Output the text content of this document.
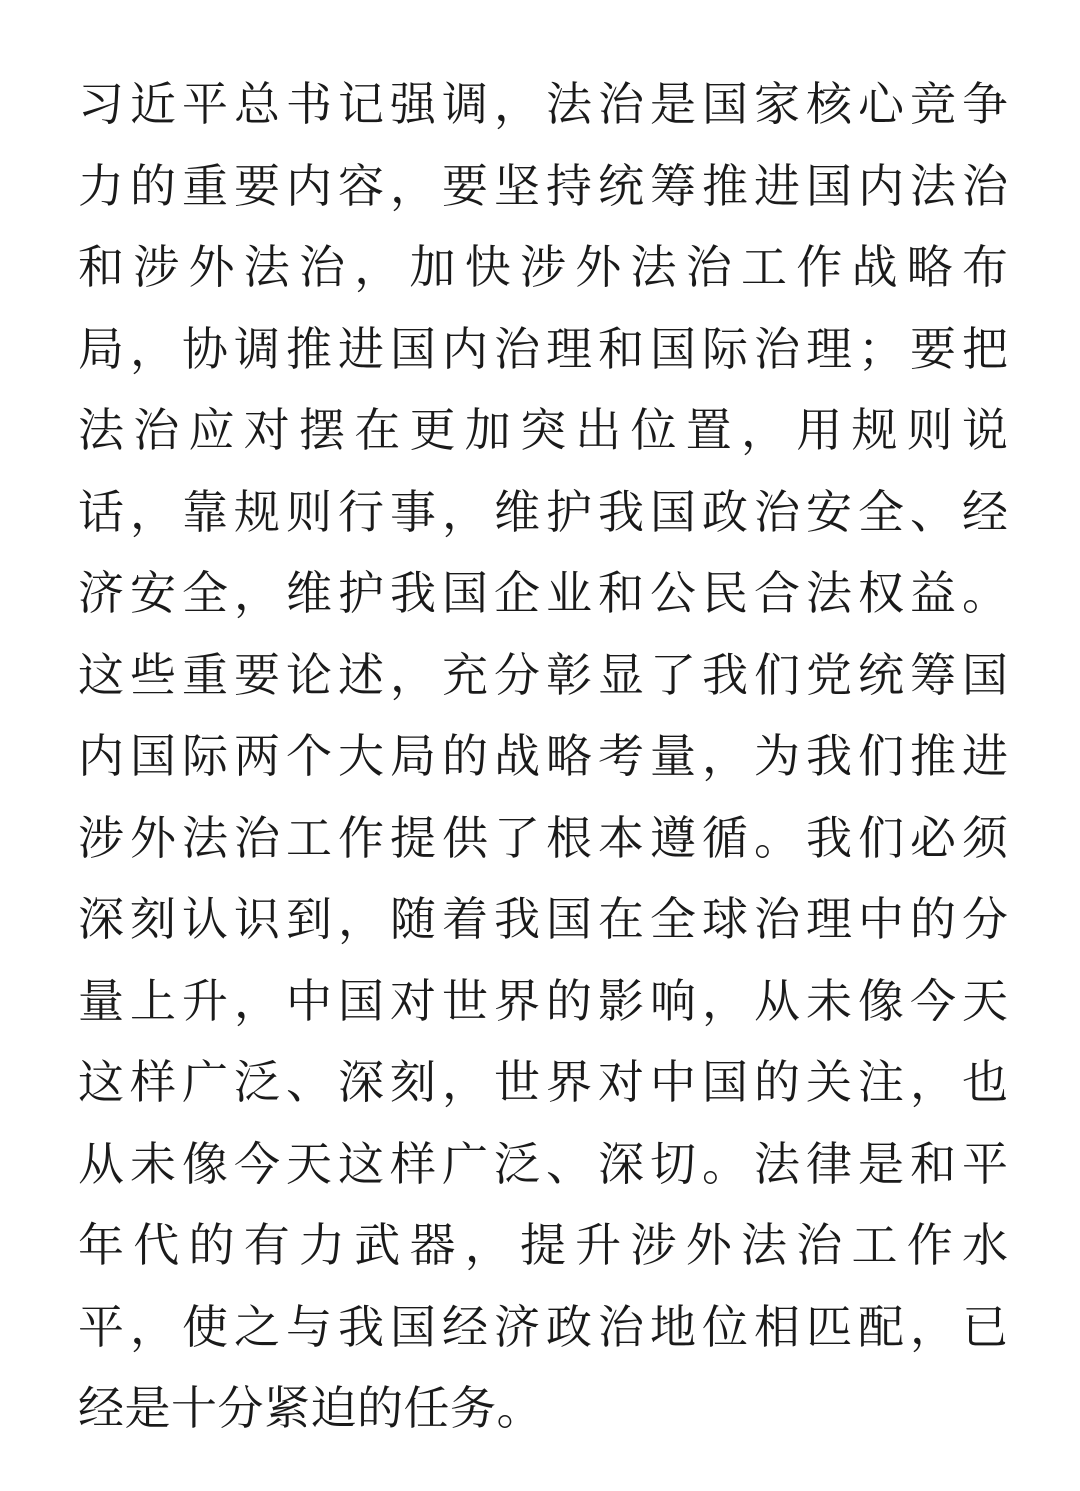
习近平总书记强调，法治是国家核心竞争
力的重要内容，要坚持统筹推进国内法治
和涉外法治，加快涉外法治工作战略布
局，协调推进国内治理和国际治理；要把
法治应对摆在更加突出位置，用规则说
话，靠规则行事，维护我国政治安全、经
济安全，维护我国企业和公民合法权益。
这些重要论述，充分彰显了我们党统筹国
内国际两个大局的战略考量，为我们推进
涉外法治工作提供了根本遵循。我们必须
深刻认识到，随着我国在全球治理中的分
量上升，中国对世界的影响，从未像今天
这样广泛、深刻，世界对中国的关注，也
从未像今天这样广泛、深切。法律是和平
年代的有力武器，提升涉外法治工作水
平，使之与我国经济政治地位相匹配，已
经是十分紧迫的任务。
